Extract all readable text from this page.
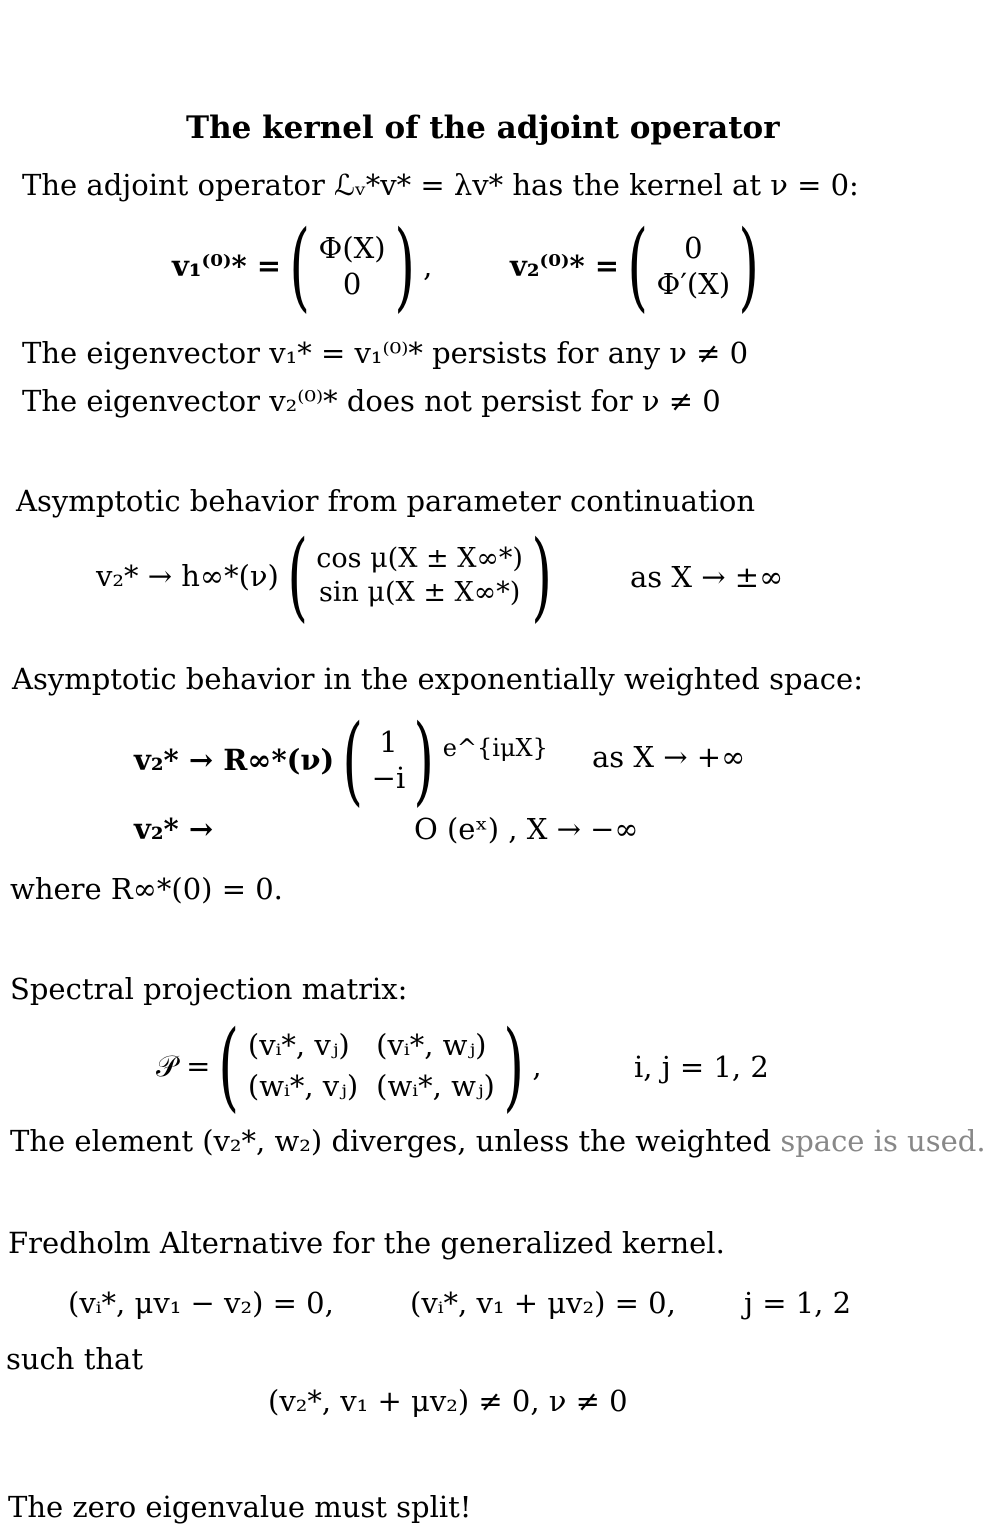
The kernel of the adjoint operator
The adjoint operator ℒᵥ*v* = λv* has the kernel at ν = 0:
v₁⁽⁰⁾* = ( Φ(X)
0 ) ,	v₂⁽⁰⁾* = ( 0
Φ′(X) )
The eigenvector v₁* = v₁⁽⁰⁾* persists for any ν ≠ 0
The eigenvector v₂⁽⁰⁾* does not persist for ν ≠ 0
Asymptotic behavior from parameter continuation
v₂* → h∞*(ν) ( cos μ(X ± X∞*)
sin μ(X ± X∞*) )	as X → ±∞
Asymptotic behavior in the exponentially weighted space:
v₂* → R∞*(ν) ( 1
−i ) e^{iμX} as X → +∞
v₂* →	O (eˣ) , X → −∞
where R∞*(0) = 0.
Spectral projection matrix:
𝒫 = ( (vᵢ*, vⱼ) (vᵢ*, wⱼ)
(wᵢ*, vⱼ) (wᵢ*, wⱼ) ) ,	i, j = 1, 2
The element (v₂*, w₂) diverges, unless the weighted space is used.
Fredholm Alternative for the generalized kernel.
(vᵢ*, μv₁ − v₂) = 0,	(vᵢ*, v₁ + μv₂) = 0, j = 1, 2
such that
(v₂*, v₁ + μv₂) ≠ 0, ν ≠ 0
The zero eigenvalue must split!
